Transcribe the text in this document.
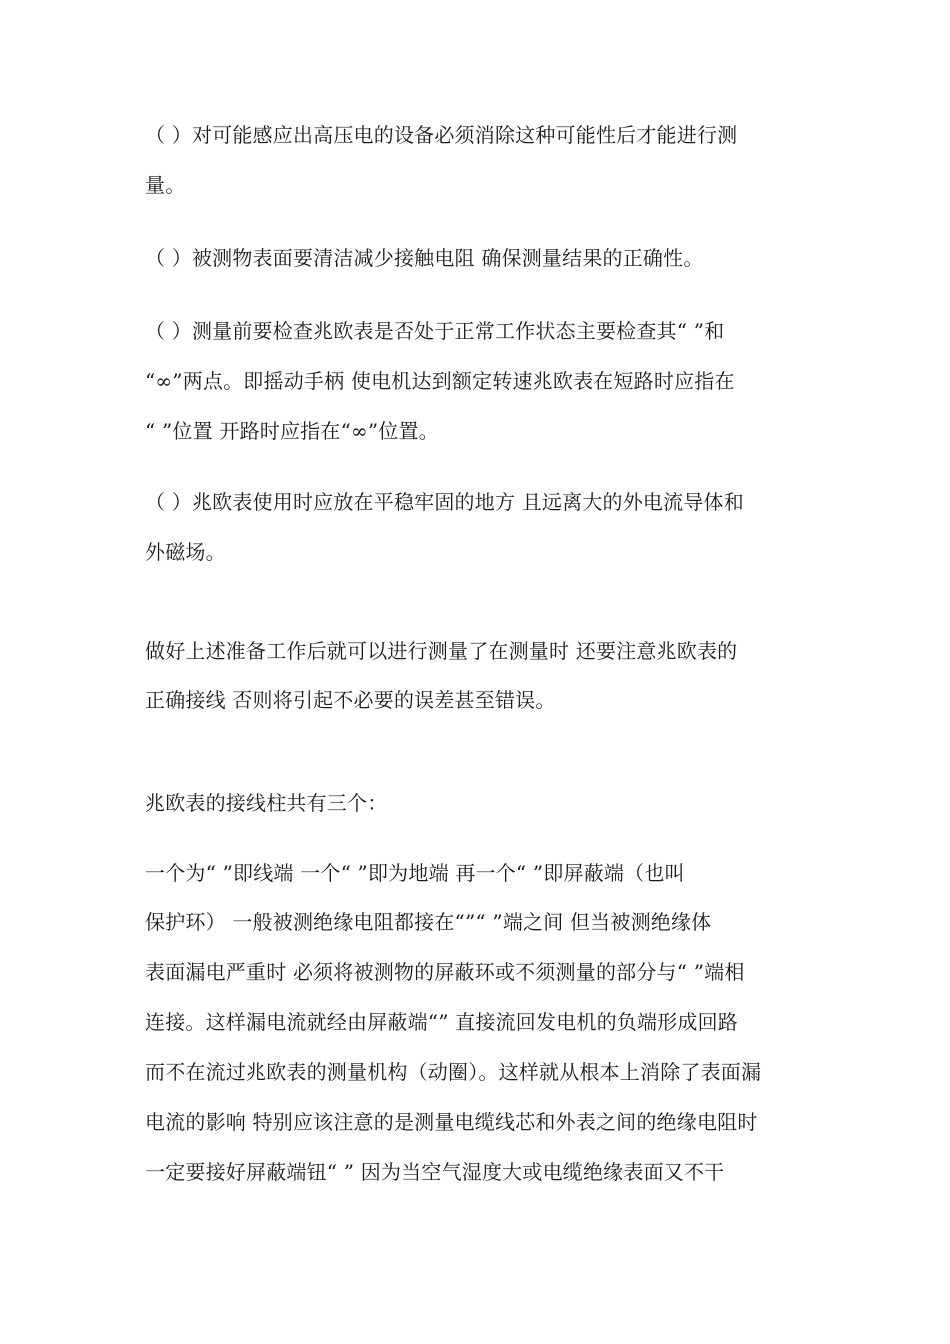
（ ）对可能感应出高压电的设备必须消除这种可能性后才能进行测
量。
（ ）被测物表面要清洁减少接触电阻 确保测量结果的正确性。
（ ）测量前要检查兆欧表是否处于正常工作状态主要检查其“ ”和
“∞”两点。即摇动手柄 使电机达到额定转速兆欧表在短路时应指在
“ ”位置 开路时应指在“∞”位置。
（ ）兆欧表使用时应放在平稳牢固的地方 且远离大的外电流导体和
外磁场。
做好上述准备工作后就可以进行测量了在测量时 还要注意兆欧表的
正确接线 否则将引起不必要的误差甚至错误。
兆欧表的接线柱共有三个：
一个为“ ”即线端 一个“ ”即为地端 再一个“ ”即屏蔽端（也叫
保护环） 一般被测绝缘电阻都接在“”“ ”端之间 但当被测绝缘体
表面漏电严重时 必须将被测物的屏蔽环或不须测量的部分与“ ”端相
连接。这样漏电流就经由屏蔽端“” 直接流回发电机的负端形成回路
而不在流过兆欧表的测量机构（动圈）。这样就从根本上消除了表面漏
电流的影响 特别应该注意的是测量电缆线芯和外表之间的绝缘电阻时
一定要接好屏蔽端钮“ ” 因为当空气湿度大或电缆绝缘表面又不干
